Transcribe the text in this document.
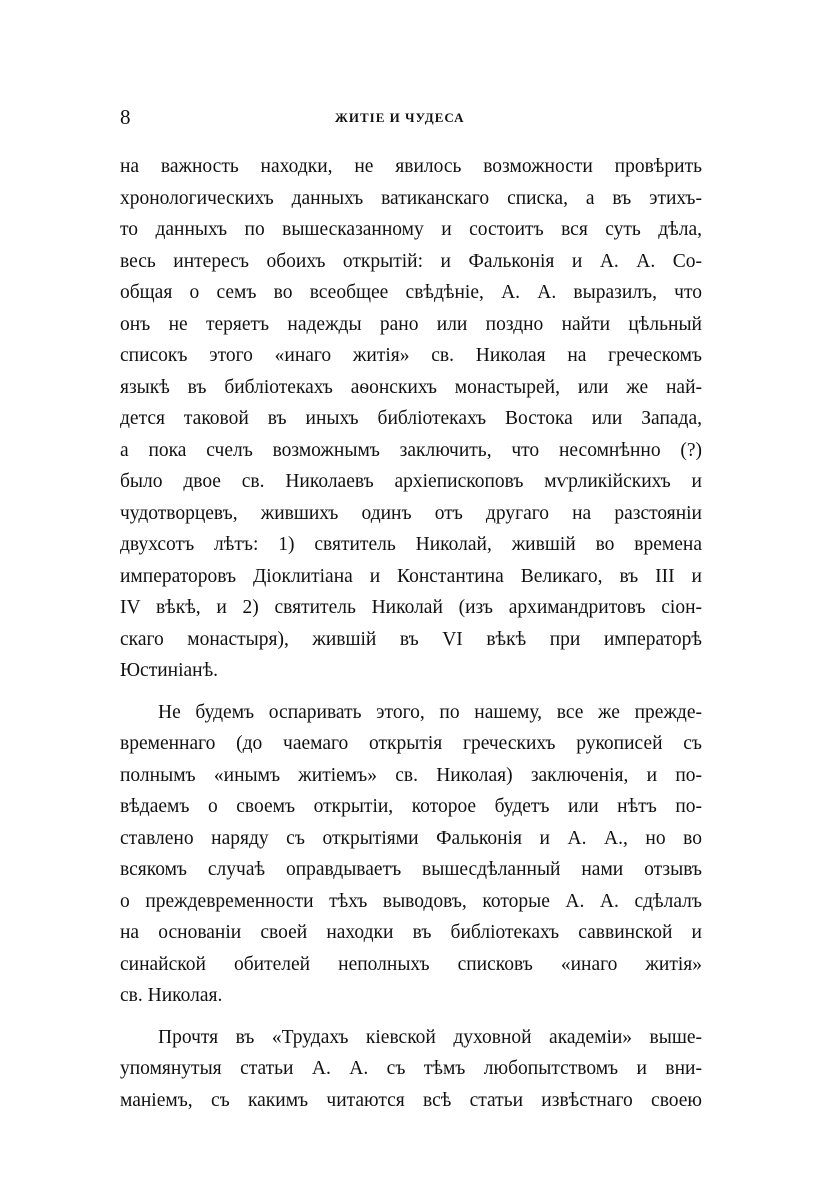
8	ЖИТІЕ И ЧУДЕСА
на важность находки, не явилось возможности провѣрить
хронологическихъ данныхъ ватиканскаго списка, а въ этихъ-
то данныхъ по вышесказанному и состоитъ вся суть дѣла,
весь интересъ обоихъ открытій: и Фальконія и А. А. Со-
общая о семъ во всеобщее свѣдѣніе, А. А. выразилъ, что
онъ не теряетъ надежды рано или поздно найти цѣльный
списокъ этого «инаго житія» св. Николая на греческомъ
языкѣ въ библіотекахъ аѳонскихъ монастырей, или же най-
дется таковой въ иныхъ библіотекахъ Востока или Запада,
а пока счелъ возможнымъ заключить, что несомнѣнно (?)
было двое св. Николаевъ архіепископовъ мѵрликійскихъ и
чудотворцевъ, жившихъ одинъ отъ другаго на разстояніи
двухсотъ лѣтъ: 1) святитель Николай, жившій во времена
императоровъ Діоклитіана и Константина Великаго, въ III и
IV вѣкѣ, и 2) святитель Николай (изъ архимандритовъ сіон-
скаго монастыря), жившій въ VI вѣкѣ при императорѣ
Юстиніанѣ.
Не будемъ оспаривать этого, по нашему, все же прежде-
временнаго (до чаемаго открытія греческихъ рукописей съ
полнымъ «инымъ житіемъ» св. Николая) заключенія, и по-
вѣдаемъ о своемъ открытіи, которое будетъ или нѣтъ по-
ставлено наряду съ открытіями Фальконія и А. А., но во
всякомъ случаѣ оправдываетъ вышесдѣланный нами отзывъ
о преждевременности тѣхъ выводовъ, которые А. А. сдѣлалъ
на основаніи своей находки въ библіотекахъ саввинской и
синайской обителей неполныхъ списковъ «инаго житія»
св. Николая.
Прочтя въ «Трудахъ кіевской духовной академіи» выше-
упомянутыя статьи А. А. съ тѣмъ любопытствомъ и вни-
маніемъ, съ какимъ читаются всѣ статьи извѣстнаго своею
